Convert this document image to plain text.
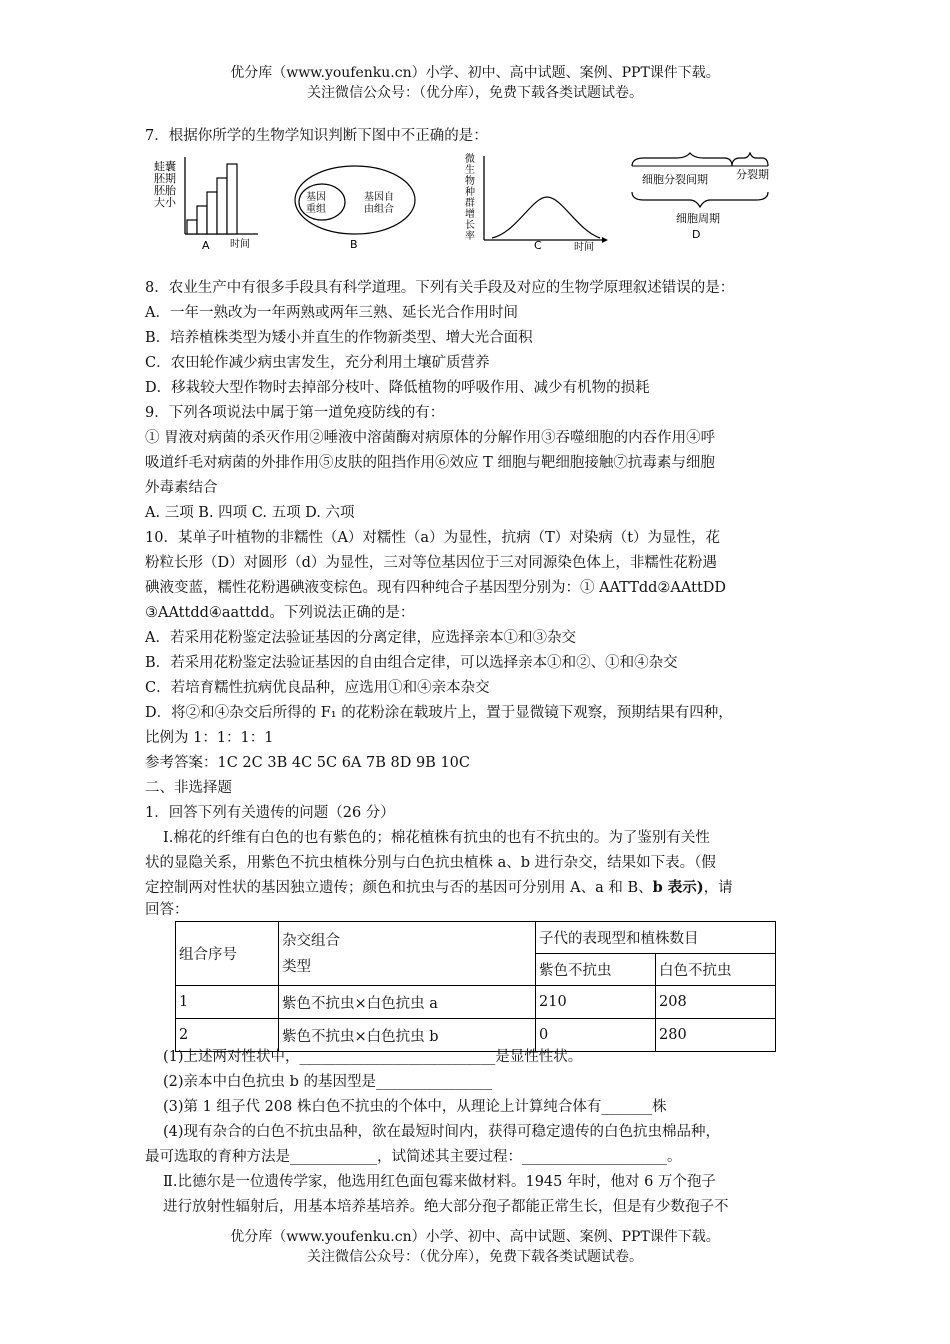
优分库（www.youfenku.cn）小学、初中、高中试题、案例、PPT课件下载。
关注微信公众号：（优分库），免费下载各类试题试卷。
7．根据你所学的生物学知识判断下图中不正确的是：
蛙囊
胚期
胚胎
大小
A 时间
基因
重组
基因自
由组合
B
微
生
物
种
群
增
长
率
C	时间
细胞分裂间期	分裂期
细胞周期
D
8．农业生产中有很多手段具有科学道理。下列有关手段及对应的生物学原理叙述错误的是：
A．一年一熟改为一年两熟或两年三熟、延长光合作用时间
B．培养植株类型为矮小并直生的作物新类型、增大光合面积
C．农田轮作减少病虫害发生，充分利用土壤矿质营养
D．移栽较大型作物时去掉部分枝叶、降低植物的呼吸作用、减少有机物的损耗
9．下列各项说法中属于第一道免疫防线的有：
① 胃液对病菌的杀灭作用②唾液中溶菌酶对病原体的分解作用③吞噬细胞的内吞作用④呼
吸道纤毛对病菌的外排作用⑤皮肤的阻挡作用⑥效应 T 细胞与靶细胞接触⑦抗毒素与细胞
外毒素结合
A. 三项 B. 四项 C. 五项 D. 六项
10．某单子叶植物的非糯性（A）对糯性（a）为显性，抗病（T）对染病（t）为显性，花
粉粒长形（D）对圆形（d）为显性，三对等位基因位于三对同源染色体上，非糯性花粉遇
碘液变蓝，糯性花粉遇碘液变棕色。现有四种纯合子基因型分别为：① AATTdd②AAttDD
③AAttdd④aattdd。下列说法正确的是：
A．若采用花粉鉴定法验证基因的分离定律，应选择亲本①和③杂交
B．若采用花粉鉴定法验证基因的自由组合定律，可以选择亲本①和②、①和④杂交
C．若培育糯性抗病优良品种，应选用①和④亲本杂交
D．将②和④杂交后所得的 F₁ 的花粉涂在载玻片上，置于显微镜下观察，预期结果有四种，
比例为 1：1：1：1
参考答案：1C 2C 3B 4C 5C 6A 7B 8D 9B 10C
二、非选择题
1．回答下列有关遗传的问题（26 分）
Ⅰ.棉花的纤维有白色的也有紫色的；棉花植株有抗虫的也有不抗虫的。为了鉴别有关性
状的显隐关系，用紫色不抗虫植株分别与白色抗虫植株 a、b 进行杂交，结果如下表。（假
定控制两对性状的基因独立遗传；颜色和抗虫与否的基因可分别用 A、a 和 B、b 表示)，请
回答：
组合序号	杂交组合
类型	子代的表现型和植株数目	
		紫色不抗虫	白色不抗虫
1	紫色不抗虫×白色抗虫 a	210	208
2	紫色不抗虫×白色抗虫 b	0	280
(1)上述两对性状中，___________________________是显性性状。
(2)亲本中白色抗虫 b 的基因型是________________
(3)第 1 组子代 208 株白色不抗虫的个体中，从理论上计算纯合体有_______株
(4)现有杂合的白色不抗虫品种，欲在最短时间内，获得可稳定遗传的白色抗虫棉品种，
最可选取的育种方法是____________，试简述其主要过程：____________________。
Ⅱ.比德尔是一位遗传学家，他选用红色面包霉来做材料。1945 年时，他对 6 万个孢子
进行放射性辐射后，用基本培养基培养。绝大部分孢子都能正常生长，但是有少数孢子不
优分库（www.youfenku.cn）小学、初中、高中试题、案例、PPT课件下载。
关注微信公众号：（优分库），免费下载各类试题试卷。
